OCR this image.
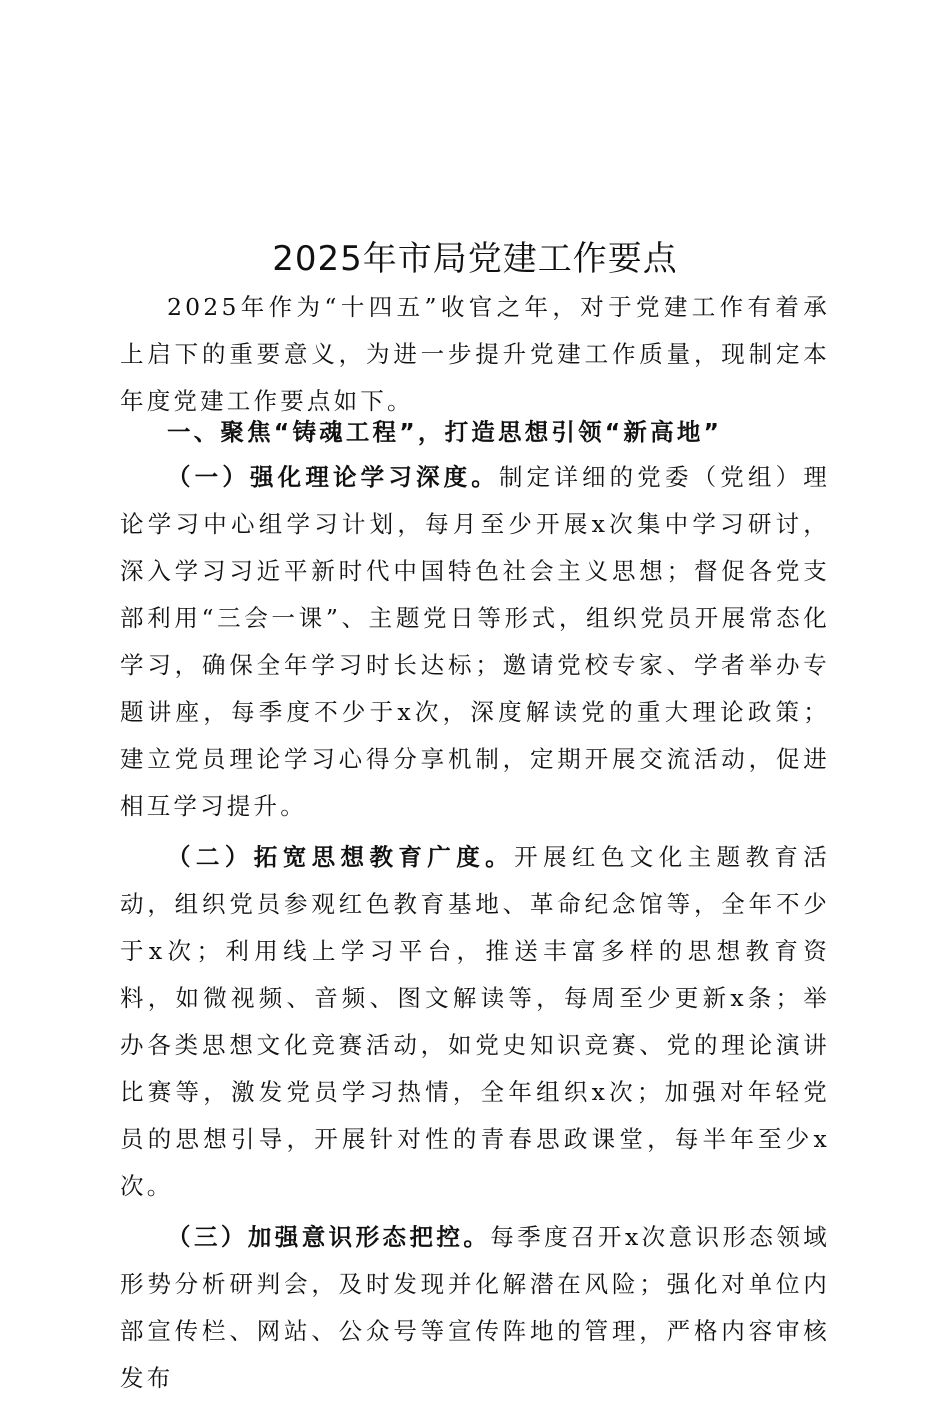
2025年市局党建工作要点

2025年作为“十四五”收官之年，对于党建工作有着承上启下的重要意义，为进一步提升党建工作质量，现制定本年度党建工作要点如下。

一、聚焦“铸魂工程”，打造思想引领“新高地”

（一）强化理论学习深度。制定详细的党委（党组）理论学习中心组学习计划，每月至少开展x次集中学习研讨，深入学习习近平新时代中国特色社会主义思想；督促各党支部利用“三会一课”、主题党日等形式，组织党员开展常态化学习，确保全年学习时长达标；邀请党校专家、学者举办专题讲座，每季度不少于x次，深度解读党的重大理论政策；建立党员理论学习心得分享机制，定期开展交流活动，促进相互学习提升。

（二）拓宽思想教育广度。开展红色文化主题教育活动，组织党员参观红色教育基地、革命纪念馆等，全年不少于x次；利用线上学习平台，推送丰富多样的思想教育资料，如微视频、音频、图文解读等，每周至少更新x条；举办各类思想文化竞赛活动，如党史知识竞赛、党的理论演讲比赛等，激发党员学习热情，全年组织x次；加强对年轻党员的思想引导，开展针对性的青春思政课堂，每半年至少x次。

（三）加强意识形态把控。每季度召开x次意识形态领域形势分析研判会，及时发现并化解潜在风险；强化对单位内部宣传栏、网站、公众号等宣传阵地的管理，严格内容审核发布
